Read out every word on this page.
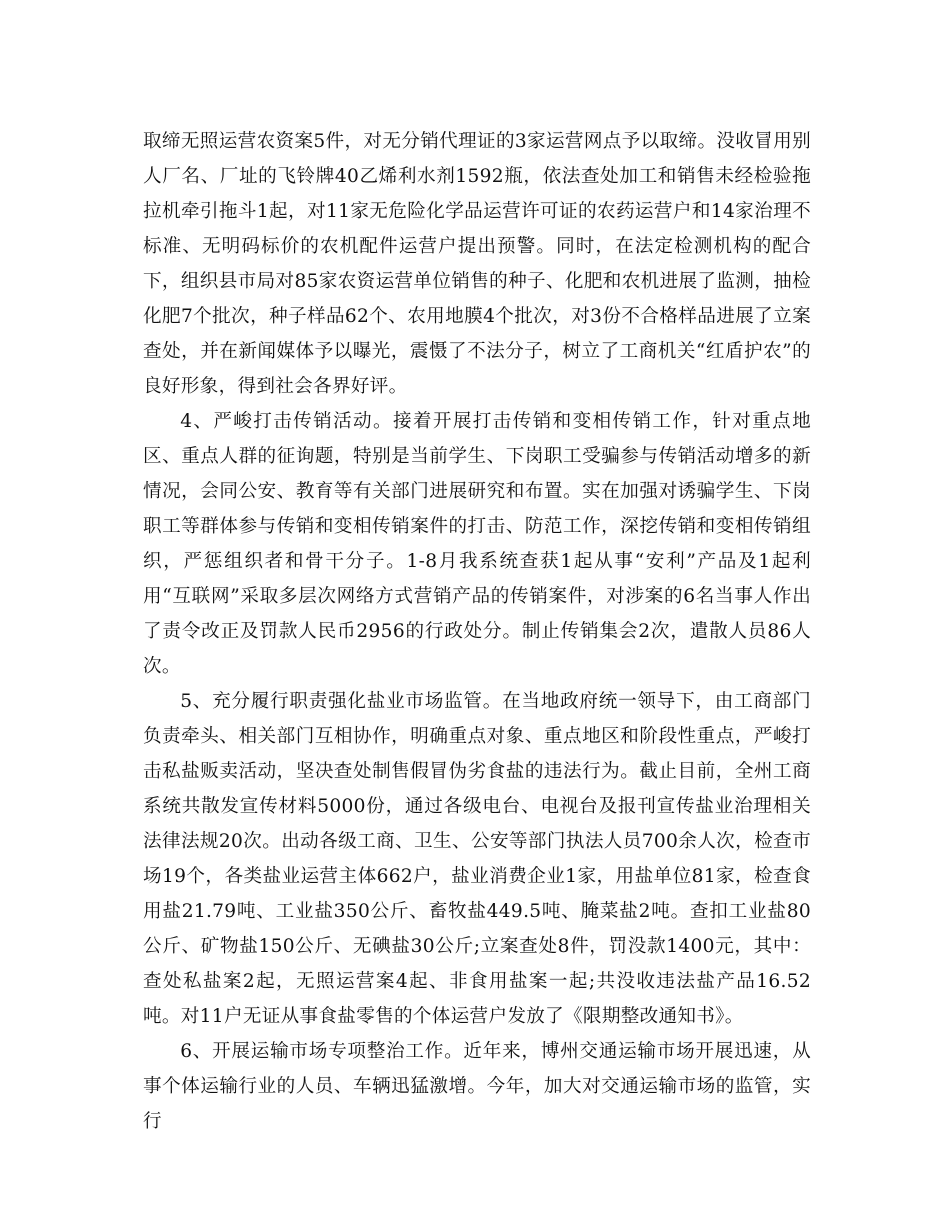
取缔无照运营农资案5件，对无分销代理证的3家运营网点予以取缔。没收冒用别人厂名、厂址的飞铃牌40乙烯利水剂1592瓶，依法查处加工和销售未经检验拖拉机牵引拖斗1起，对11家无危险化学品运营许可证的农药运营户和14家治理不标准、无明码标价的农机配件运营户提出预警。同时，在法定检测机构的配合下，组织县市局对85家农资运营单位销售的种子、化肥和农机进展了监测，抽检化肥7个批次，种子样品62个、农用地膜4个批次，对3份不合格样品进展了立案查处，并在新闻媒体予以曝光，震慑了不法分子，树立了工商机关“红盾护农”的良好形象，得到社会各界好评。

4、严峻打击传销活动。接着开展打击传销和变相传销工作，针对重点地区、重点人群的征询题，特别是当前学生、下岗职工受骗参与传销活动增多的新情况，会同公安、教育等有关部门进展研究和布置。实在加强对诱骗学生、下岗职工等群体参与传销和变相传销案件的打击、防范工作，深挖传销和变相传销组织，严惩组织者和骨干分子。1-8月我系统查获1起从事“安利”产品及1起利用“互联网”采取多层次网络方式营销产品的传销案件，对涉案的6名当事人作出了责令改正及罚款人民币2956的行政处分。制止传销集会2次，遣散人员86人次。

5、充分履行职责强化盐业市场监管。在当地政府统一领导下，由工商部门负责牵头、相关部门互相协作，明确重点对象、重点地区和阶段性重点，严峻打击私盐贩卖活动，坚决查处制售假冒伪劣食盐的违法行为。截止目前，全州工商系统共散发宣传材料5000份，通过各级电台、电视台及报刊宣传盐业治理相关法律法规20次。出动各级工商、卫生、公安等部门执法人员700余人次，检查市场19个，各类盐业运营主体662户，盐业消费企业1家，用盐单位81家，检查食用盐21.79吨、工业盐350公斤、畜牧盐449.5吨、腌菜盐2吨。查扣工业盐80公斤、矿物盐150公斤、无碘盐30公斤;立案查处8件，罚没款1400元，其中：查处私盐案2起，无照运营案4起、非食用盐案一起;共没收违法盐产品16.52吨。对11户无证从事食盐零售的个体运营户发放了《限期整改通知书》。

6、开展运输市场专项整治工作。近年来，博州交通运输市场开展迅速，从事个体运输行业的人员、车辆迅猛激增。今年，加大对交通运输市场的监管，实行
